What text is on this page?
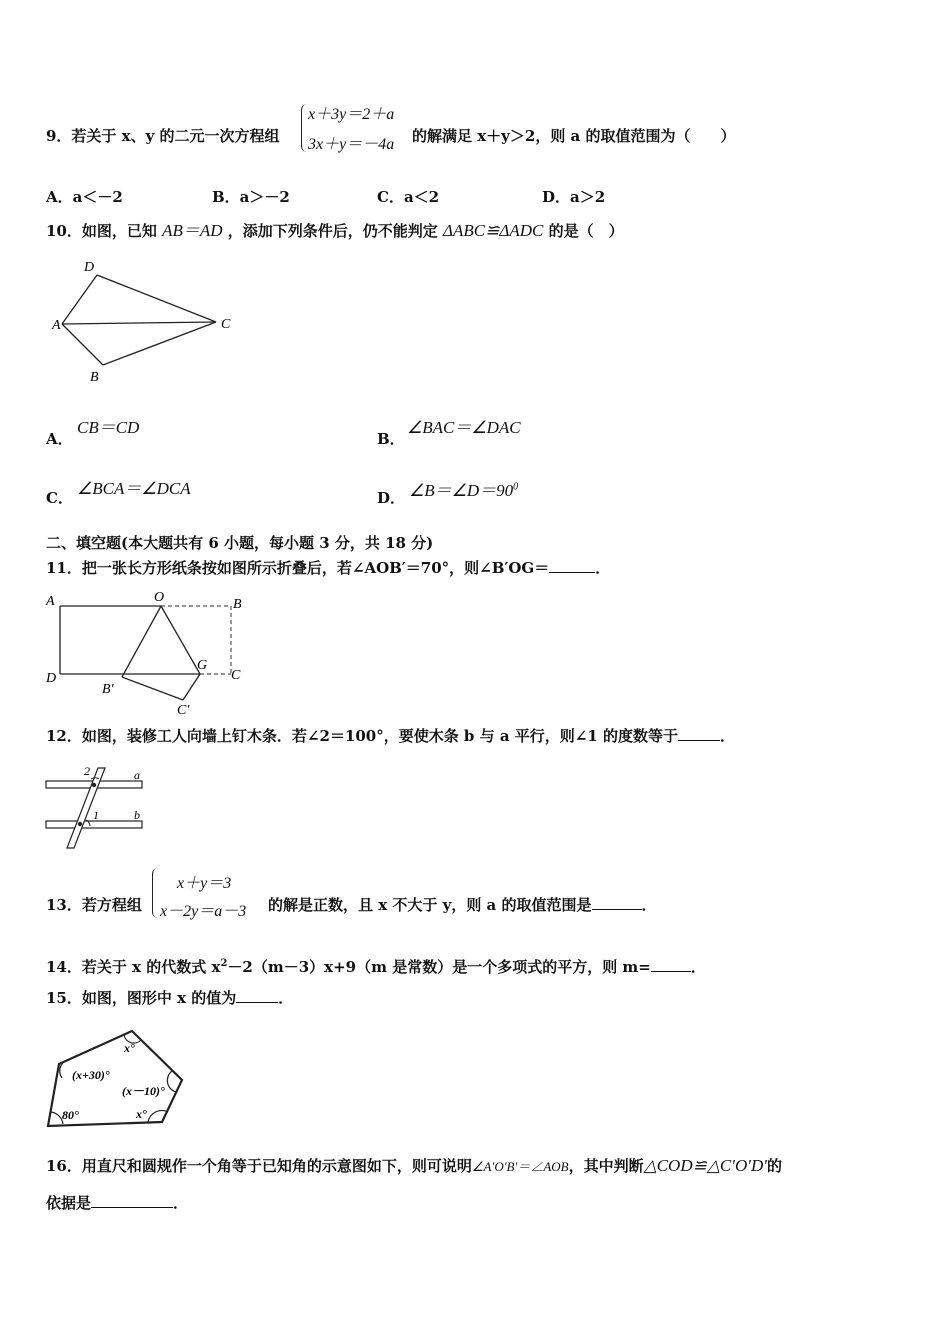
9．若关于 x、y 的二元一次方程组
x＋3y＝2＋a
3x＋y＝－4a 的解满足 x＋y＞2，则 a 的取值范围为（　　）
A．a＜－2	B．a＞－2	C．a＜2	D．a＞2
10．如图，已知 AB＝AD ，添加下列条件后，仍不能判定 ΔABC≌ΔADC 的是（　）
D
A	C
B
A．
CB＝CD
B．
∠BAC＝∠DAC
C． ∠BCA＝∠DCA	D． $\angle B=\angle D=90^0$
二、填空题(本大题共有 6 小题，每小题 3 分，共 18 分)
11．把一张长方形纸条按如图所示折叠后，若∠AOB′＝70°，则∠B′OG＝	．
A	O	B
D
G
C
B′
C′
12．如图，装修工人向墙上钉木条．若∠2＝100°，要使木条 b 与 a 平行，则∠1 的度数等于	．
2
1
a
b
13．若方程组
x＋y＝3
x－2y＝a－3 的解是正数，且 x 不大于 y，则 a 的取值范围是	．
14．若关于 x 的代数式 $x^2-2(m-3)x+9(m$ 是常数）是一个多项式的平方，则 m=	．
15．如图，图形中 x 的值为	．
x°
(x+30)°
(x－10)°
80°	x°
16．用直尺和圆规作一个角等于已知角的示意图如下，则可说明∠A′O′B′＝∠AOB，其中判断△COD≌△C′O′D′的
依据是	．
